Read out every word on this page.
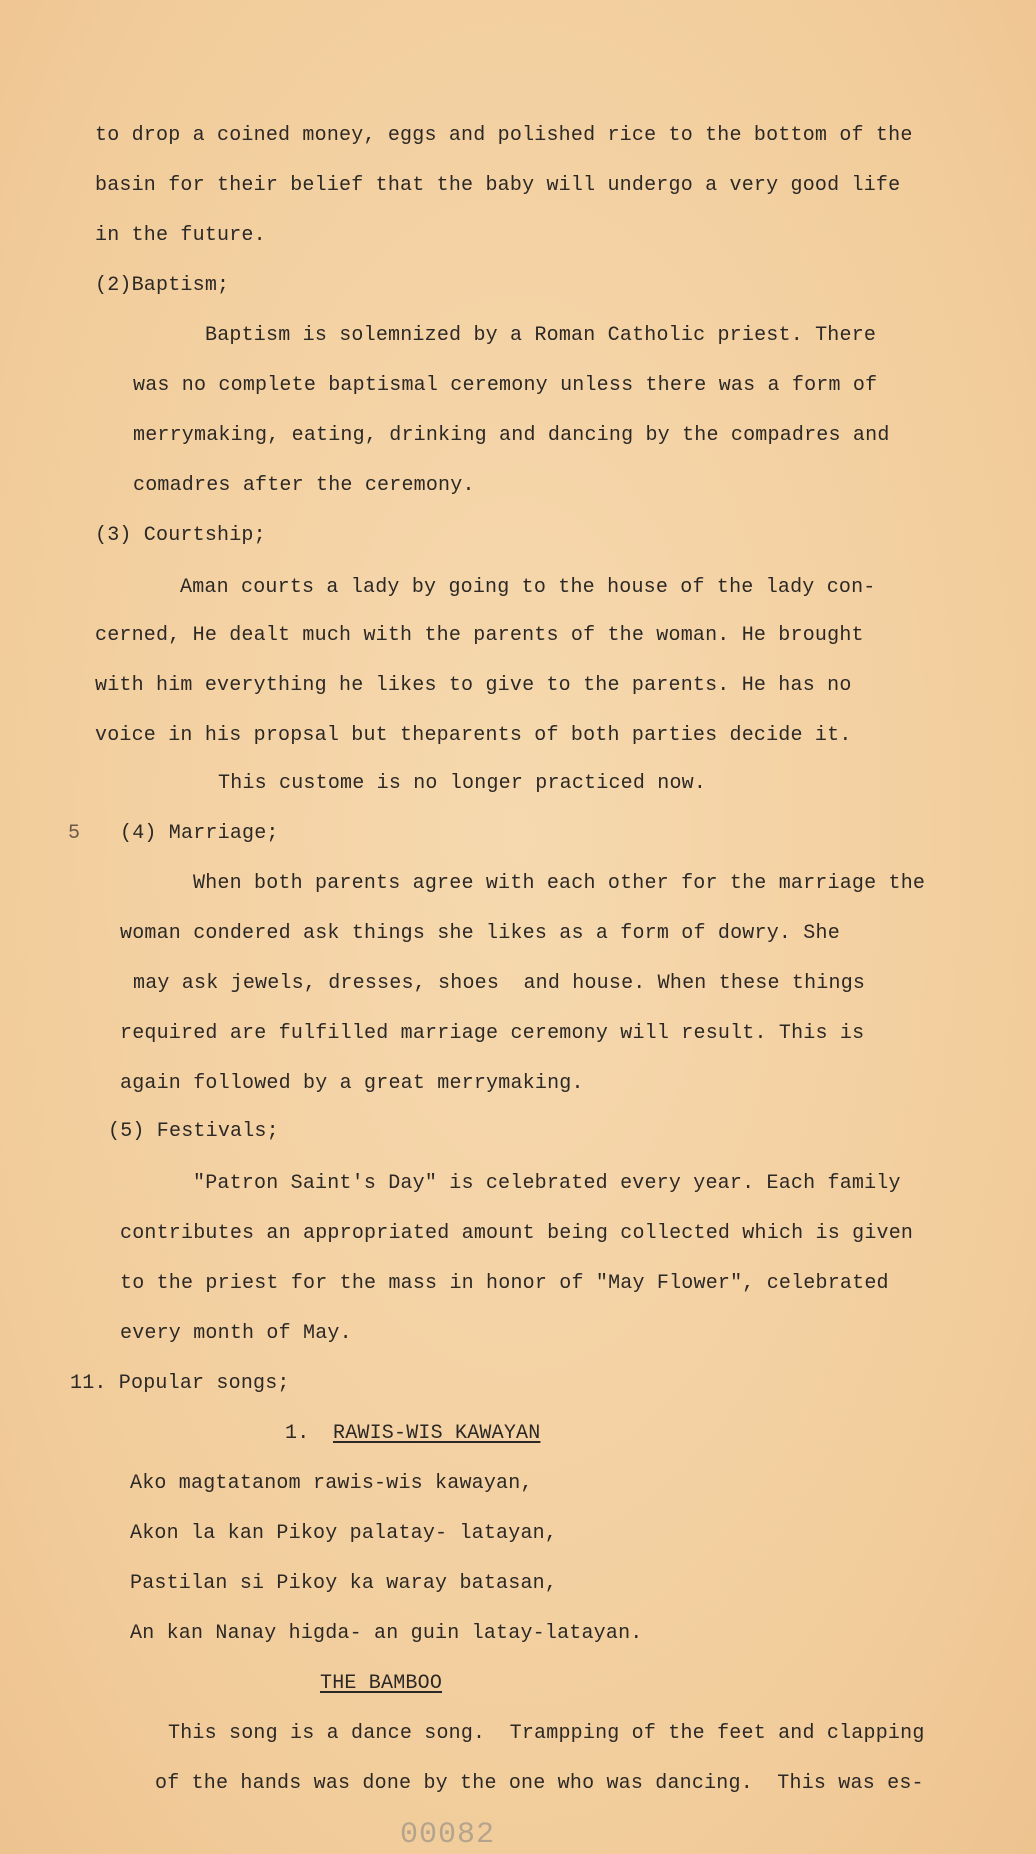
to drop a coined money, eggs and polished rice to the bottom of the
basin for their belief that the baby will undergo a very good life
in the future.
(2)Baptism;
Baptism is solemnized by a Roman Catholic priest. There
was no complete baptismal ceremony unless there was a form of
merrymaking, eating, drinking and dancing by the compadres and
comadres after the ceremony.
(3) Courtship;
Aman courts a lady by going to the house of the lady con-
cerned, He dealt much with the parents of the woman. He brought
with him everything he likes to give to the parents. He has no
voice in his propsal but theparents of both parties decide it.
This custome is no longer practiced now.
5 (4) Marriage;
When both parents agree with each other for the marriage the
woman condered ask things she likes as a form of dowry. She
may ask jewels, dresses, shoes  and house. When these things
required are fulfilled marriage ceremony will result. This is
again followed by a great merrymaking.
(5) Festivals;
"Patron Saint's Day" is celebrated every year. Each family
contributes an appropriated amount being collected which is given
to the priest for the mass in honor of "May Flower", celebrated
every month of May.
11. Popular songs;
1. RAWIS-WIS KAWAYAN
Ako magtatanom rawis-wis kawayan,
Akon la kan Pikoy palatay- latayan,
Pastilan si Pikoy ka waray batasan,
An kan Nanay higda- an guin latay-latayan.
THE BAMBOO
This song is a dance song.  Trampping of the feet and clapping
of the hands was done by the one who was dancing.  This was es-
00082
